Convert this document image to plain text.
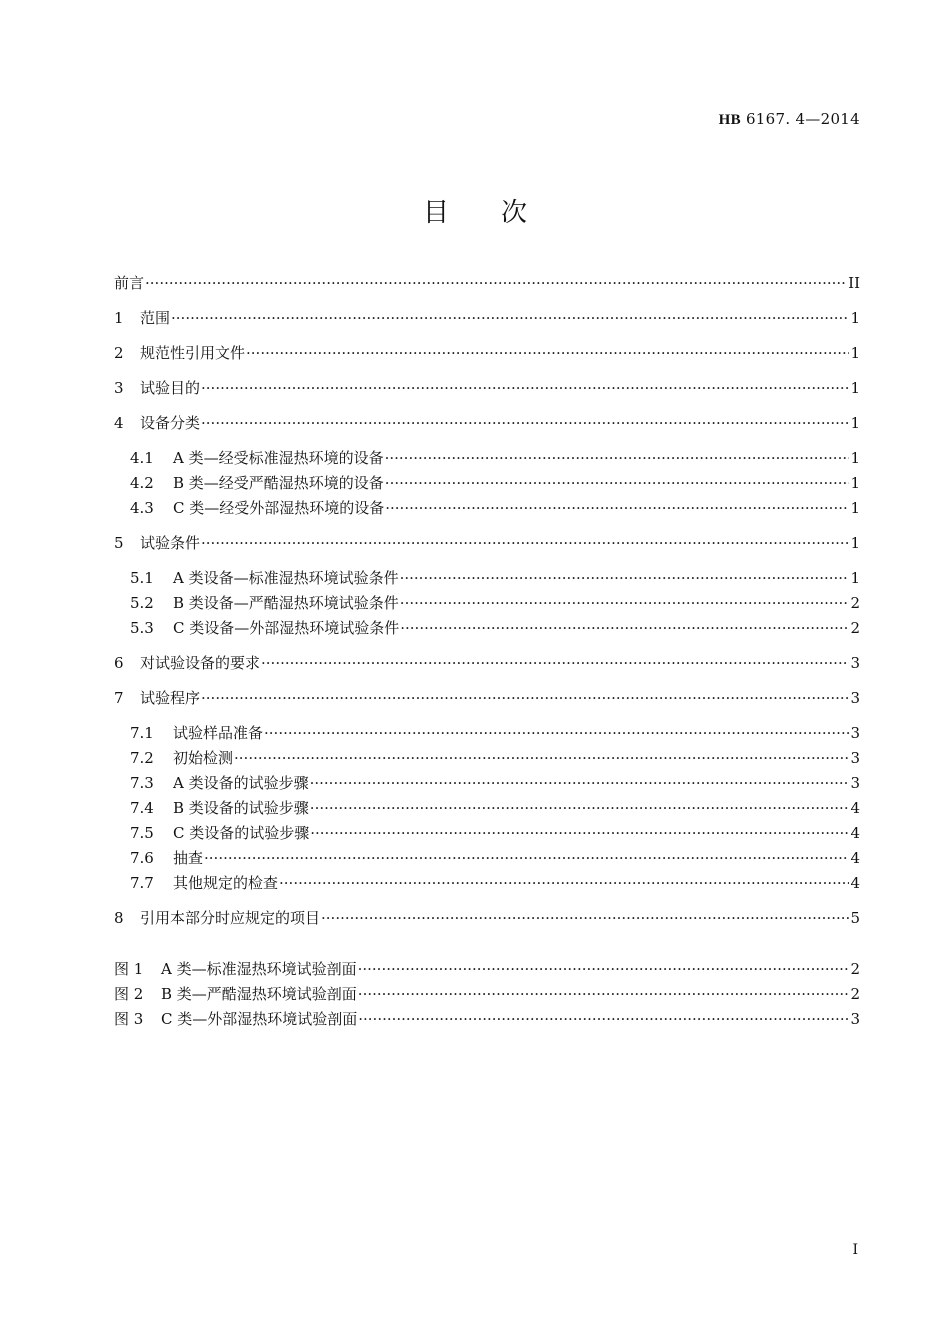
HB 6167. 4—2014
目次
前言 ·····	II
1	范围 ·····	1
2	规范性引用文件 ·····	1
3	试验目的 ·····	1
4	设备分类 ·····	1
4.1	A 类—经受标准湿热环境的设备 ·····	1
4.2	B 类—经受严酷湿热环境的设备 ·····	1
4.3	C 类—经受外部湿热环境的设备 ·····	1
5	试验条件 ·····	1
5.1	A 类设备—标准湿热环境试验条件 ·····	1
5.2	B 类设备—严酷湿热环境试验条件 ·····	2
5.3	C 类设备—外部湿热环境试验条件 ·····	2
6	对试验设备的要求 ·····	3
7	试验程序 ·····	3
7.1	试验样品准备 ·····	3
7.2	初始检测 ·····	3
7.3	A 类设备的试验步骤 ·····	3
7.4	B 类设备的试验步骤 ·····	4
7.5	C 类设备的试验步骤 ·····	4
7.6	抽查 ·····	4
7.7	其他规定的检查 ·····	4
8	引用本部分时应规定的项目 ·····	5
图 1	A 类—标准湿热环境试验剖面 ·····	2
图 2	B 类—严酷湿热环境试验剖面 ·····	2
图 3	C 类—外部湿热环境试验剖面 ·····	3
I
